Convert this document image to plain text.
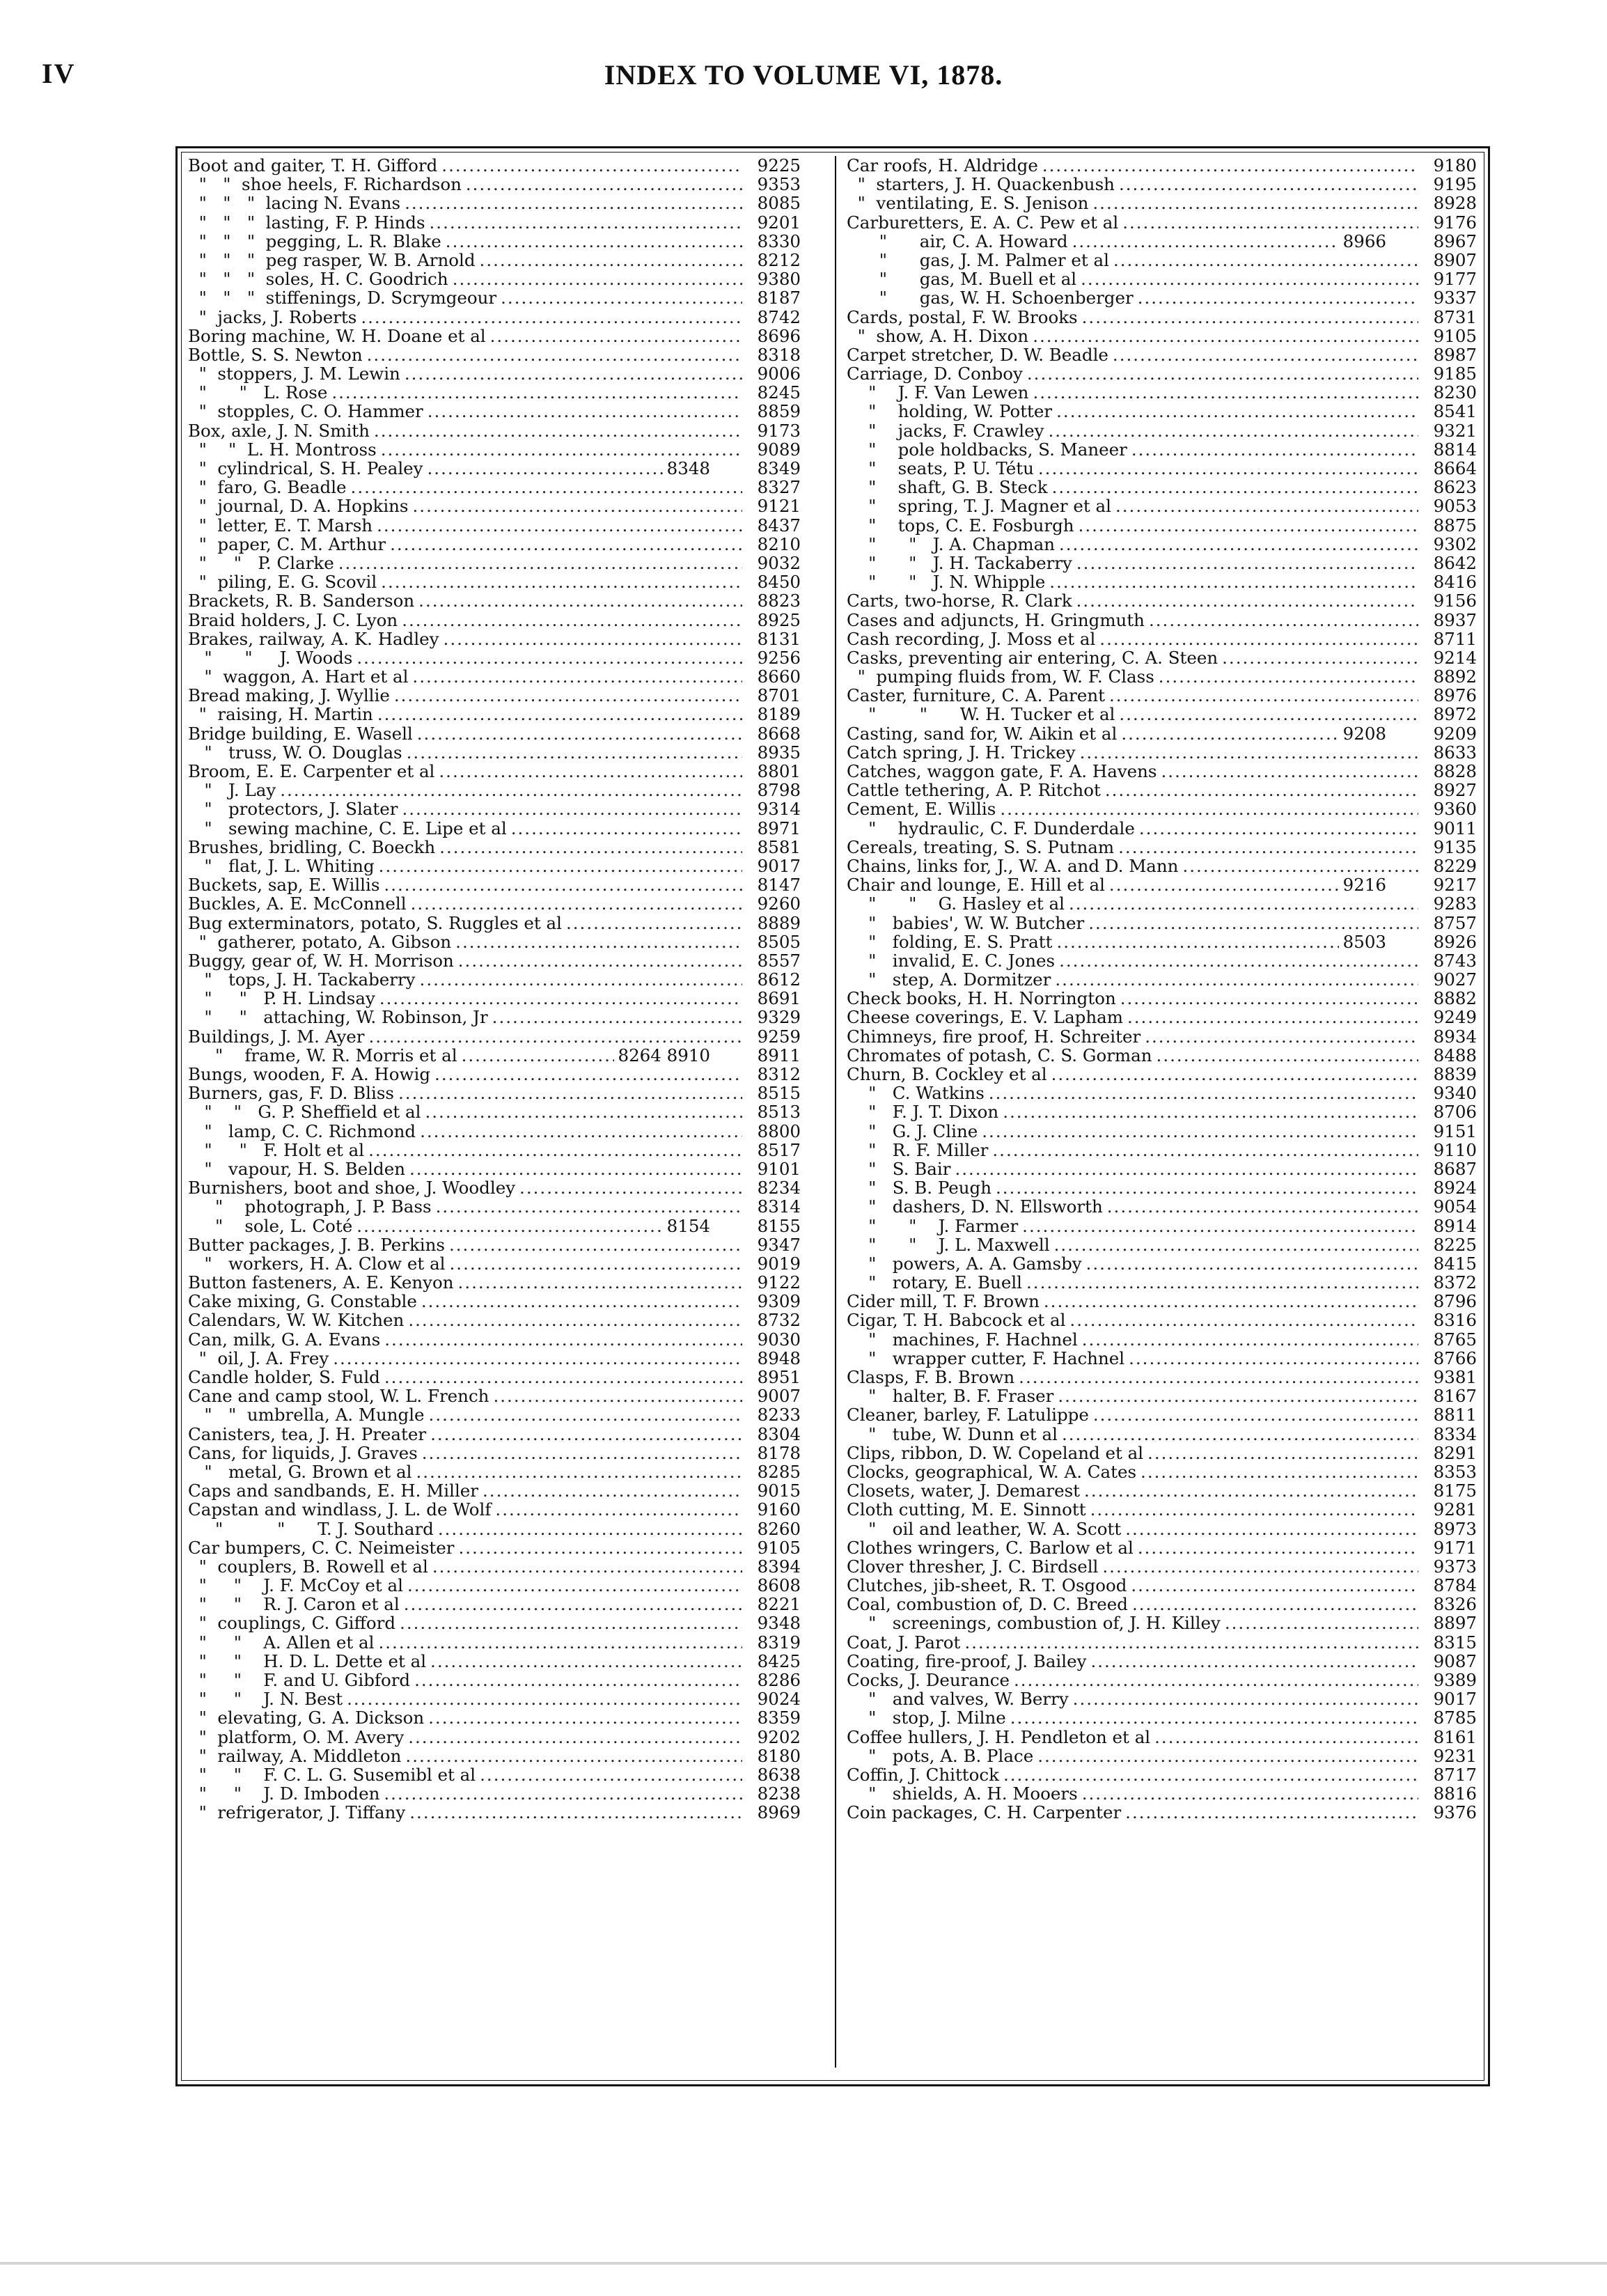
IV	INDEX TO VOLUME VI, 1878.
Boot and gaiter, T. H. Gifford .....	9225
"   "  shoe heels, F. Richardson .....	9353
"   "   "  lacing N. Evans .....	8085
"   "   "  lasting, F. P. Hinds .....	9201
"   "   "  pegging, L. R. Blake .....	8330
"   "   "  peg rasper, W. B. Arnold .....	8212
"   "   "  soles, H. C. Goodrich .....	9380
"   "   "  stiffenings, D. Scrymgeour .....	8187
"  jacks, J. Roberts .....	8742
Boring machine, W. H. Doane et al .....	8696
Bottle, S. S. Newton .....	8318
"  stoppers, J. M. Lewin .....	9006
"      "   L. Rose .....	8245
"  stopples, C. O. Hammer .....	8859
Box, axle, J. N. Smith .....	9173
"    "  L. H. Montross .....	9089
"  cylindrical, S. H. Pealey .....	8348	8349
"  faro, G. Beadle .....	8327
"  journal, D. A. Hopkins .....	9121
"  letter, E. T. Marsh .....	8437
"  paper, C. M. Arthur .....	8210
"     "   P. Clarke .....	9032
"  piling, E. G. Scovil .....	8450
Brackets, R. B. Sanderson .....	8823
Braid holders, J. C. Lyon .....	8925
Brakes, railway, A. K. Hadley .....	8131
"      "     J. Woods .....	9256
"  waggon, A. Hart et al .....	8660
Bread making, J. Wyllie .....	8701
"  raising, H. Martin .....	8189
Bridge building, E. Wasell .....	8668
"   truss, W. O. Douglas .....	8935
Broom, E. E. Carpenter et al .....	8801
"   J. Lay .....	8798
"   protectors, J. Slater .....	9314
"   sewing machine, C. E. Lipe et al .....	8971
Brushes, bridling, C. Boeckh .....	8581
"   flat, J. L. Whiting .....	9017
Buckets, sap, E. Willis .....	8147
Buckles, A. E. McConnell .....	9260
Bug exterminators, potato, S. Ruggles et al .....	8889
"  gatherer, potato, A. Gibson .....	8505
Buggy, gear of, W. H. Morrison .....	8557
"   tops, J. H. Tackaberry .....	8612
"     "   P. H. Lindsay .....	8691
"     "   attaching, W. Robinson, Jr .....	9329
Buildings, J. M. Ayer .....	9259
"    frame, W. R. Morris et al .....	8264 8910	8911
Bungs, wooden, F. A. Howig .....	8312
Burners, gas, F. D. Bliss .....	8515
"    "   G. P. Sheffield et al .....	8513
"   lamp, C. C. Richmond .....	8800
"     "   F. Holt et al .....	8517
"   vapour, H. S. Belden .....	9101
Burnishers, boot and shoe, J. Woodley .....	8234
"    photograph, J. P. Bass .....	8314
"    sole, L. Coté .....	8154	8155
Butter packages, J. B. Perkins .....	9347
"   workers, H. A. Clow et al .....	9019
Button fasteners, A. E. Kenyon .....	9122
Cake mixing, G. Constable .....	9309
Calendars, W. W. Kitchen .....	8732
Can, milk, G. A. Evans .....	9030
"  oil, J. A. Frey .....	8948
Candle holder, S. Fuld .....	8951
Cane and camp stool, W. L. French .....	9007
"   "  umbrella, A. Mungle .....	8233
Canisters, tea, J. H. Preater .....	8304
Cans, for liquids, J. Graves .....	8178
"   metal, G. Brown et al .....	8285
Caps and sandbands, E. H. Miller .....	9015
Capstan and windlass, J. L. de Wolf .....	9160
"          "      T. J. Southard .....	8260
Car bumpers, C. C. Neimeister .....	9105
"  couplers, B. Rowell et al .....	8394
"     "    J. F. McCoy et al .....	8608
"     "    R. J. Caron et al .....	8221
"  couplings, C. Gifford .....	9348
"     "    A. Allen et al .....	8319
"     "    H. D. L. Dette et al .....	8425
"     "    F. and U. Gibford .....	8286
"     "    J. N. Best .....	9024
"  elevating, G. A. Dickson .....	8359
"  platform, O. M. Avery .....	9202
"  railway, A. Middleton .....	8180
"     "    F. C. L. G. Susemibl et al .....	8638
"     "    J. D. Imboden .....	8238
"  refrigerator, J. Tiffany .....	8969
Car roofs, H. Aldridge .....	9180
"  starters, J. H. Quackenbush .....	9195
"  ventilating, E. S. Jenison .....	8928
Carburetters, E. A. C. Pew et al .....	9176
"      air, C. A. Howard .....	8966	8967
"      gas, J. M. Palmer et al .....	8907
"      gas, M. Buell et al .....	9177
"      gas, W. H. Schoenberger .....	9337
Cards, postal, F. W. Brooks .....	8731
"  show, A. H. Dixon .....	9105
Carpet stretcher, D. W. Beadle .....	8987
Carriage, D. Conboy .....	9185
"    J. F. Van Lewen .....	8230
"    holding, W. Potter .....	8541
"    jacks, F. Crawley .....	9321
"    pole holdbacks, S. Maneer .....	8814
"    seats, P. U. Tétu .....	8664
"    shaft, G. B. Steck .....	8623
"    spring, T. J. Magner et al .....	9053
"    tops, C. E. Fosburgh .....	8875
"      "   J. A. Chapman .....	9302
"      "   J. H. Tackaberry .....	8642
"      "   J. N. Whipple .....	8416
Carts, two-horse, R. Clark .....	9156
Cases and adjuncts, H. Gringmuth .....	8937
Cash recording, J. Moss et al .....	8711
Casks, preventing air entering, C. A. Steen .....	9214
"  pumping fluids from, W. F. Class .....	8892
Caster, furniture, C. A. Parent .....	8976
"        "      W. H. Tucker et al .....	8972
Casting, sand for, W. Aikin et al .....	9208	9209
Catch spring, J. H. Trickey .....	8633
Catches, waggon gate, F. A. Havens .....	8828
Cattle tethering, A. P. Ritchot .....	8927
Cement, E. Willis .....	9360
"    hydraulic, C. F. Dunderdale .....	9011
Cereals, treating, S. S. Putnam .....	9135
Chains, links for, J., W. A. and D. Mann .....	8229
Chair and lounge, E. Hill et al .....	9216	9217
"      "    G. Hasley et al .....	9283
"   babies', W. W. Butcher .....	8757
"   folding, E. S. Pratt .....	8503	8926
"   invalid, E. C. Jones .....	8743
"   step, A. Dormitzer .....	9027
Check books, H. H. Norrington .....	8882
Cheese coverings, E. V. Lapham .....	9249
Chimneys, fire proof, H. Schreiter .....	8934
Chromates of potash, C. S. Gorman .....	8488
Churn, B. Cockley et al .....	8839
"   C. Watkins .....	9340
"   F. J. T. Dixon .....	8706
"   G. J. Cline .....	9151
"   R. F. Miller .....	9110
"   S. Bair .....	8687
"   S. B. Peugh .....	8924
"   dashers, D. N. Ellsworth .....	9054
"      "    J. Farmer .....	8914
"      "    J. L. Maxwell .....	8225
"   powers, A. A. Gamsby .....	8415
"   rotary, E. Buell .....	8372
Cider mill, T. F. Brown .....	8796
Cigar, T. H. Babcock et al .....	8316
"   machines, F. Hachnel .....	8765
"   wrapper cutter, F. Hachnel .....	8766
Clasps, F. B. Brown .....	9381
"   halter, B. F. Fraser .....	8167
Cleaner, barley, F. Latulippe .....	8811
"   tube, W. Dunn et al .....	8334
Clips, ribbon, D. W. Copeland et al .....	8291
Clocks, geographical, W. A. Cates .....	8353
Closets, water, J. Demarest .....	8175
Cloth cutting, M. E. Sinnott .....	9281
"   oil and leather, W. A. Scott .....	8973
Clothes wringers, C. Barlow et al .....	9171
Clover thresher, J. C. Birdsell .....	9373
Clutches, jib-sheet, R. T. Osgood .....	8784
Coal, combustion of, D. C. Breed .....	8326
"   screenings, combustion of, J. H. Killey .....	8897
Coat, J. Parot .....	8315
Coating, fire-proof, J. Bailey .....	9087
Cocks, J. Deurance .....	9389
"   and valves, W. Berry .....	9017
"   stop, J. Milne .....	8785
Coffee hullers, J. H. Pendleton et al .....	8161
"   pots, A. B. Place .....	9231
Coffin, J. Chittock .....	8717
"   shields, A. H. Mooers .....	8816
Coin packages, C. H. Carpenter .....	9376
